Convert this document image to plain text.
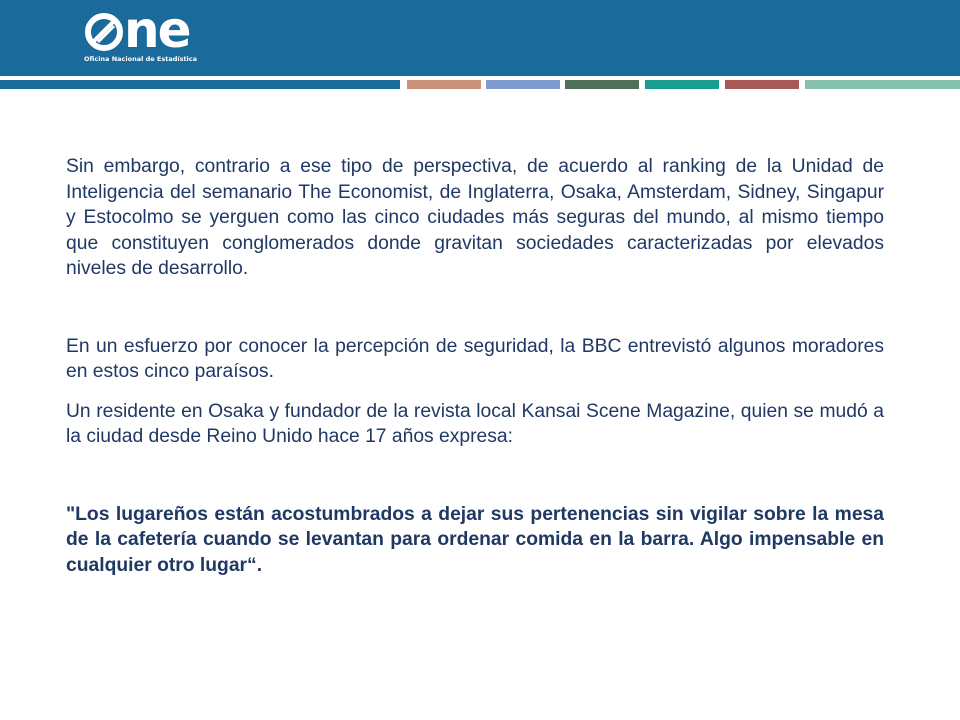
ne
Oficina Nacional de Estadística

Sin embargo, contrario a ese tipo de perspectiva, de acuerdo al ranking de la Unidad de Inteligencia del semanario The Economist, de Inglaterra, Osaka, Amsterdam, Sidney, Singapur y Estocolmo se yerguen como las cinco ciudades más seguras del mundo, al mismo tiempo que constituyen conglomerados donde gravitan sociedades caracterizadas por elevados niveles de desarrollo.

En un esfuerzo por conocer la percepción de seguridad, la BBC entrevistó algunos moradores en estos cinco paraísos.

Un residente en Osaka y fundador de la revista local Kansai Scene Magazine, quien se mudó a la ciudad desde Reino Unido hace 17 años expresa:

"Los lugareños están acostumbrados a dejar sus pertenencias sin vigilar sobre la mesa de la cafetería cuando se levantan para ordenar comida en la barra. Algo impensable en cualquier otro lugar“.
